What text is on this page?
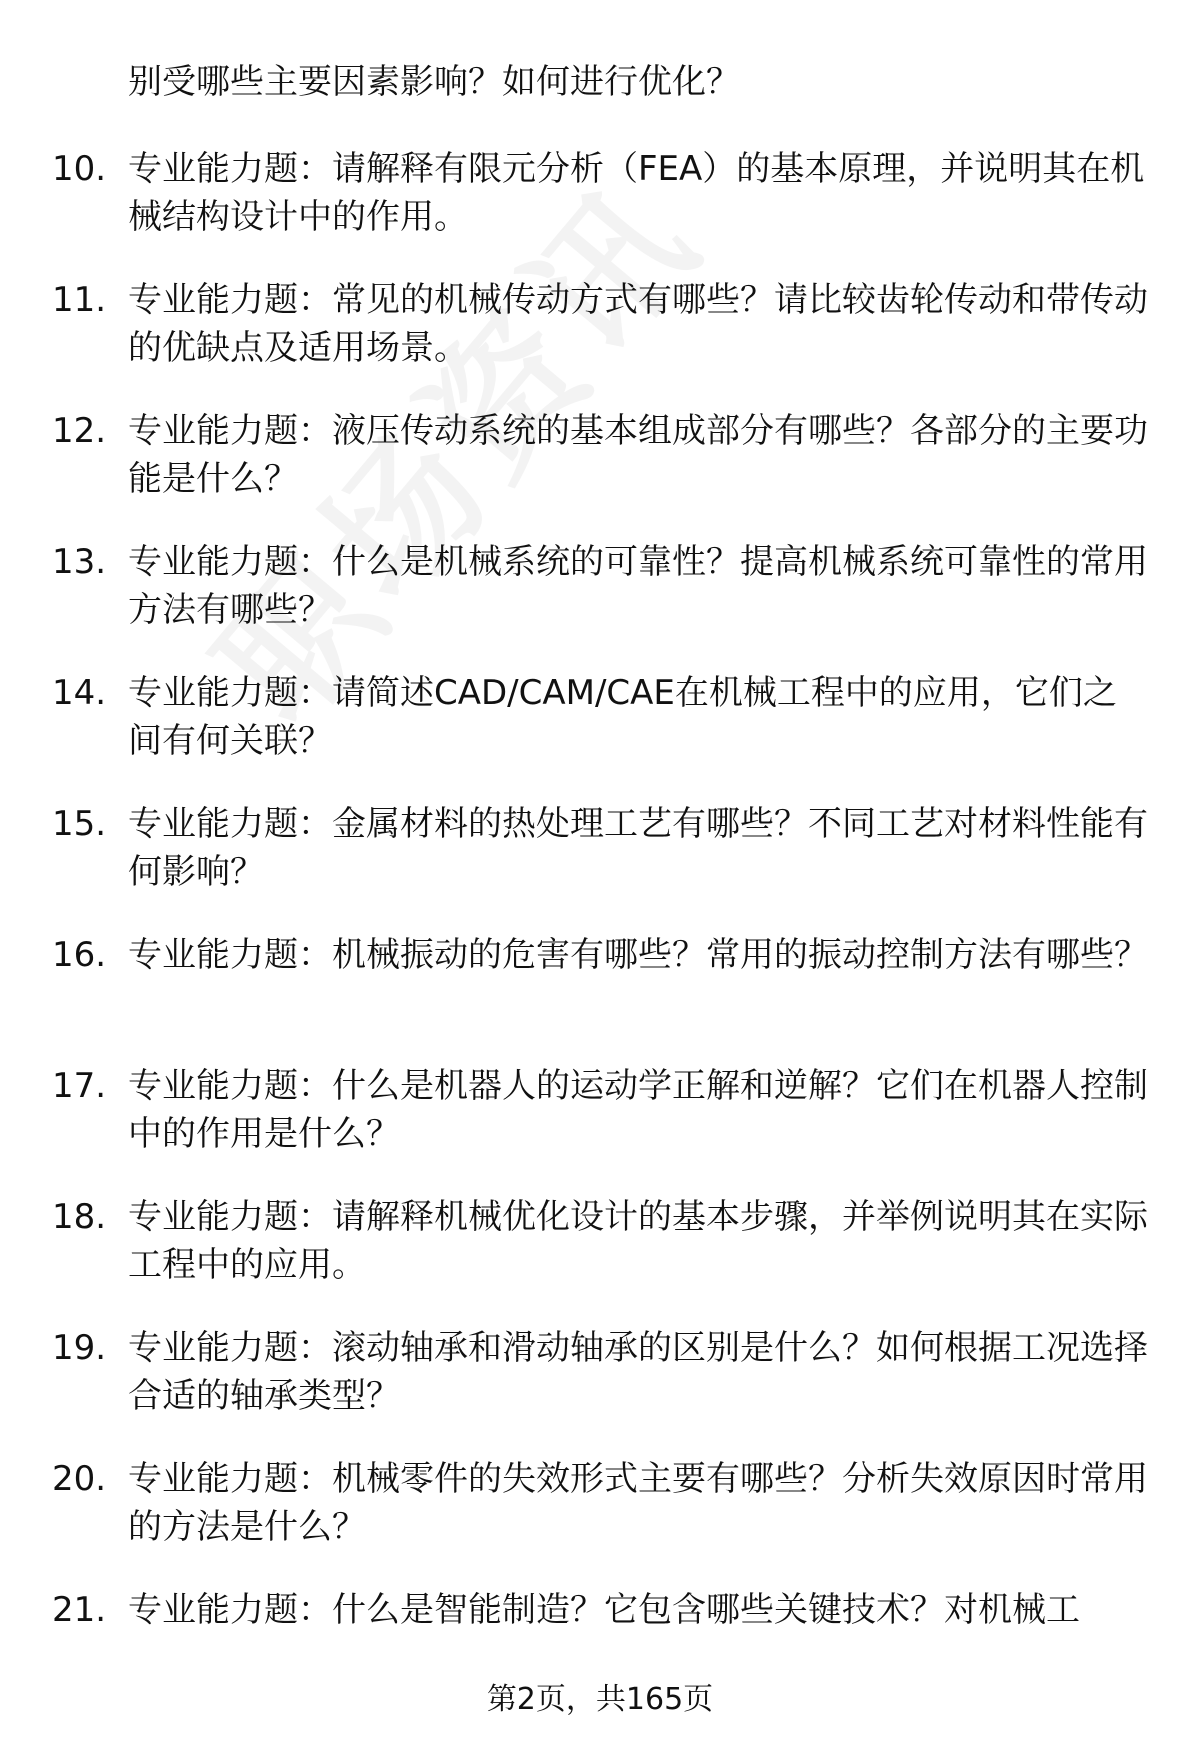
别受哪些主要因素影响？如何进行优化？
10. 专业能力题：请解释有限元分析（FEA）的基本原理，并说明其在机械结构设计中的作用。
11. 专业能力题：常见的机械传动方式有哪些？请比较齿轮传动和带传动的优缺点及适用场景。
12. 专业能力题：液压传动系统的基本组成部分有哪些？各部分的主要功能是什么？
13. 专业能力题：什么是机械系统的可靠性？提高机械系统可靠性的常用方法有哪些？
14. 专业能力题：请简述CAD/CAM/CAE在机械工程中的应用，它们之间有何关联？
15. 专业能力题：金属材料的热处理工艺有哪些？不同工艺对材料性能有何影响？
16. 专业能力题：机械振动的危害有哪些？常用的振动控制方法有哪些？
17. 专业能力题：什么是机器人的运动学正解和逆解？它们在机器人控制中的作用是什么？
18. 专业能力题：请解释机械优化设计的基本步骤，并举例说明其在实际工程中的应用。
19. 专业能力题：滚动轴承和滑动轴承的区别是什么？如何根据工况选择合适的轴承类型？
20. 专业能力题：机械零件的失效形式主要有哪些？分析失效原因时常用的方法是什么？
21. 专业能力题：什么是智能制造？它包含哪些关键技术？对机械工
第2页，共165页
